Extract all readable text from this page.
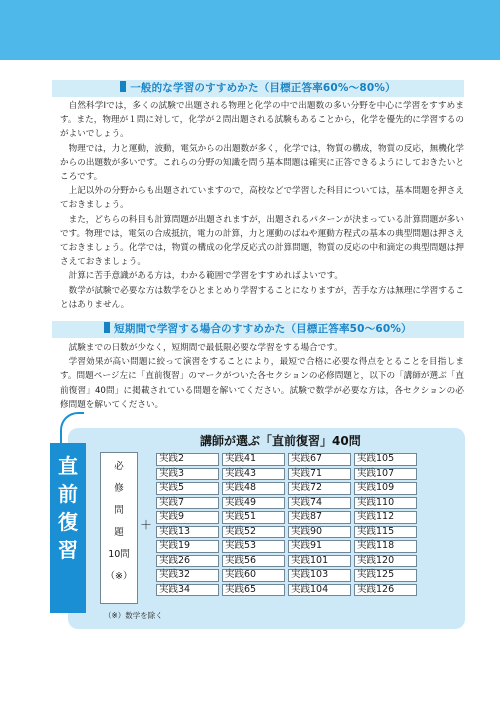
一般的な学習のすすめかた（目標正答率60%～80%）

自然科学Ⅰでは，多くの試験で出題される物理と化学の中で出題数の多い分野を中心に学習をすすめます。また，物理が１問に対して，化学が２問出題される試験もあることから，化学を優先的に学習するのがよいでしょう。

物理では，力と運動，波動，電気からの出題数が多く，化学では，物質の構成，物質の反応，無機化学からの出題数が多いです。これらの分野の知識を問う基本問題は確実に正答できるようにしておきたいところです。

上記以外の分野からも出題されていますので，高校などで学習した科目については，基本問題を押さえておきましょう。

また，どちらの科目も計算問題が出題されますが，出題されるパターンが決まっている計算問題が多いです。物理では，電気の合成抵抗，電力の計算，力と運動のばねや運動方程式の基本の典型問題は押さえておきましょう。化学では，物質の構成の化学反応式の計算問題，物質の反応の中和滴定の典型問題は押さえておきましょう。

計算に苦手意識がある方は，わかる範囲で学習をすすめればよいです。

数学が試験で必要な方は数学をひとまとめり学習することになりますが，苦手な方は無理に学習することはありません。

短期間で学習する場合のすすめかた（目標正答率50～60%）

試験までの日数が少なく，短期間で最低限必要な学習をする場合です。

学習効果が高い問題に絞って演習をすることにより，最短で合格に必要な得点をとることを目指します。問題ページ左に「直前復習」のマークがついた各セクションの必修問題と，以下の「講師が選ぶ「直前復習」40問」に掲載されている問題を解いてください。試験で数学が必要な方は，各セクションの必修問題を解いてください。

直
前
復
習
講師が選ぶ「直前復習」40問
必
修
問
題
10問
（※）
＋
実践2	実践41	実践67	実践105
実践3	実践43	実践71	実践107
実践5	実践48	実践72	実践109
実践7	実践49	実践74	実践110
実践9	実践51	実践87	実践112
実践13	実践52	実践90	実践115
実践19	実践53	実践91	実践118
実践26	実践56	実践101	実践120
実践32	実践60	実践103	実践125
実践34	実践65	実践104	実践126
（※）数学を除く
